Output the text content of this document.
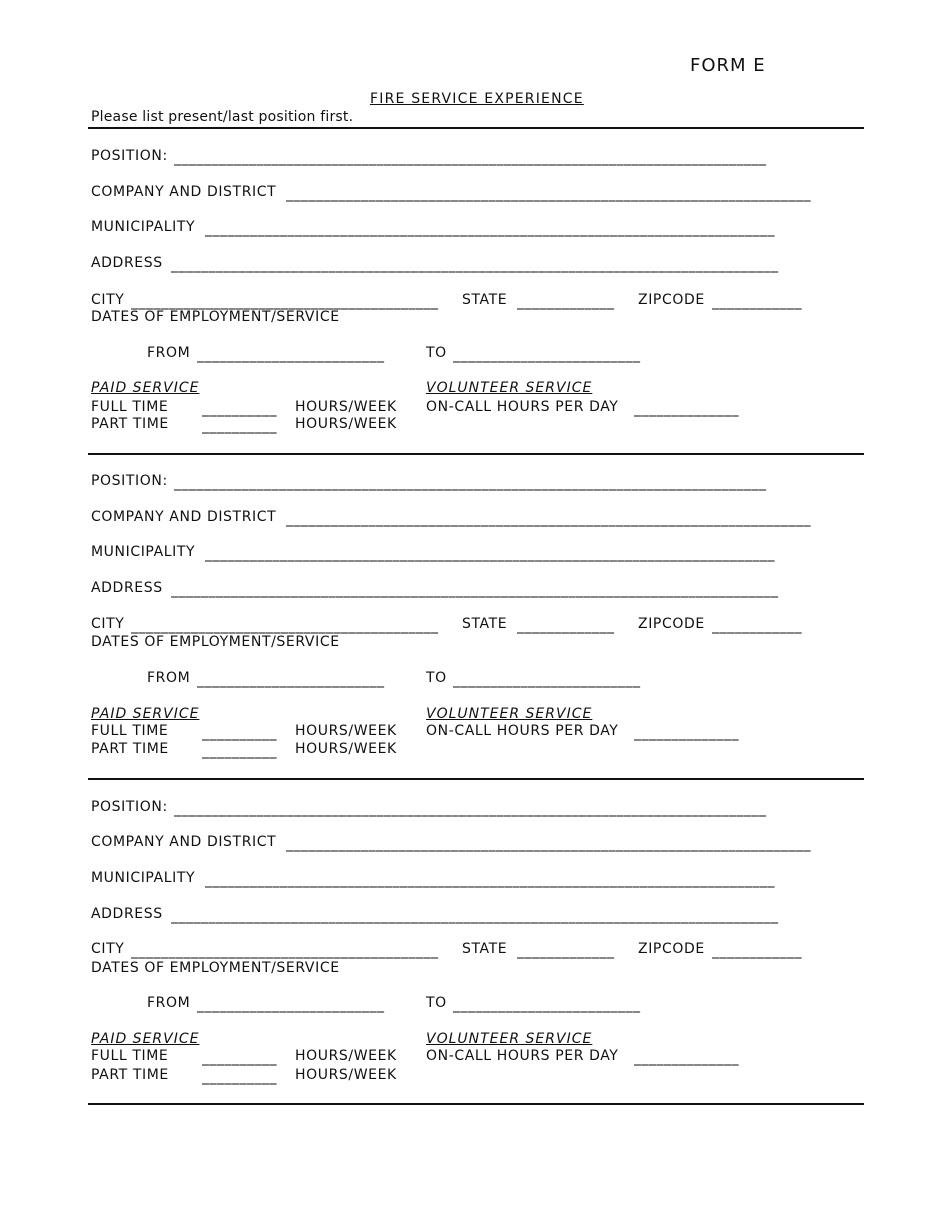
FORM E
FIRE SERVICE EXPERIENCE
Please list present/last position first.
POSITION: _______________________________________________________________________________
COMPANY AND DISTRICT ______________________________________________________________________
MUNICIPALITY ____________________________________________________________________________
ADDRESS _________________________________________________________________________________
CITY _________________________________________	STATE _____________	ZIPCODE ____________
DATES OF EMPLOYMENT/SERVICE
FROM _________________________	TO _________________________
PAID SERVICE	VOLUNTEER SERVICE
FULL TIME __________	HOURS/WEEK ON-CALL HOURS PER DAY ______________
PART TIME __________	HOURS/WEEK
POSITION: _______________________________________________________________________________
COMPANY AND DISTRICT ______________________________________________________________________
MUNICIPALITY ____________________________________________________________________________
ADDRESS _________________________________________________________________________________
CITY _________________________________________	STATE _____________	ZIPCODE ____________
DATES OF EMPLOYMENT/SERVICE
FROM _________________________	TO _________________________
PAID SERVICE	VOLUNTEER SERVICE
FULL TIME __________	HOURS/WEEK ON-CALL HOURS PER DAY ______________
PART TIME __________	HOURS/WEEK
POSITION: _______________________________________________________________________________
COMPANY AND DISTRICT ______________________________________________________________________
MUNICIPALITY ____________________________________________________________________________
ADDRESS _________________________________________________________________________________
CITY _________________________________________	STATE _____________	ZIPCODE ____________
DATES OF EMPLOYMENT/SERVICE
FROM _________________________	TO _________________________
PAID SERVICE	VOLUNTEER SERVICE
FULL TIME __________	HOURS/WEEK ON-CALL HOURS PER DAY ______________
PART TIME __________	HOURS/WEEK
